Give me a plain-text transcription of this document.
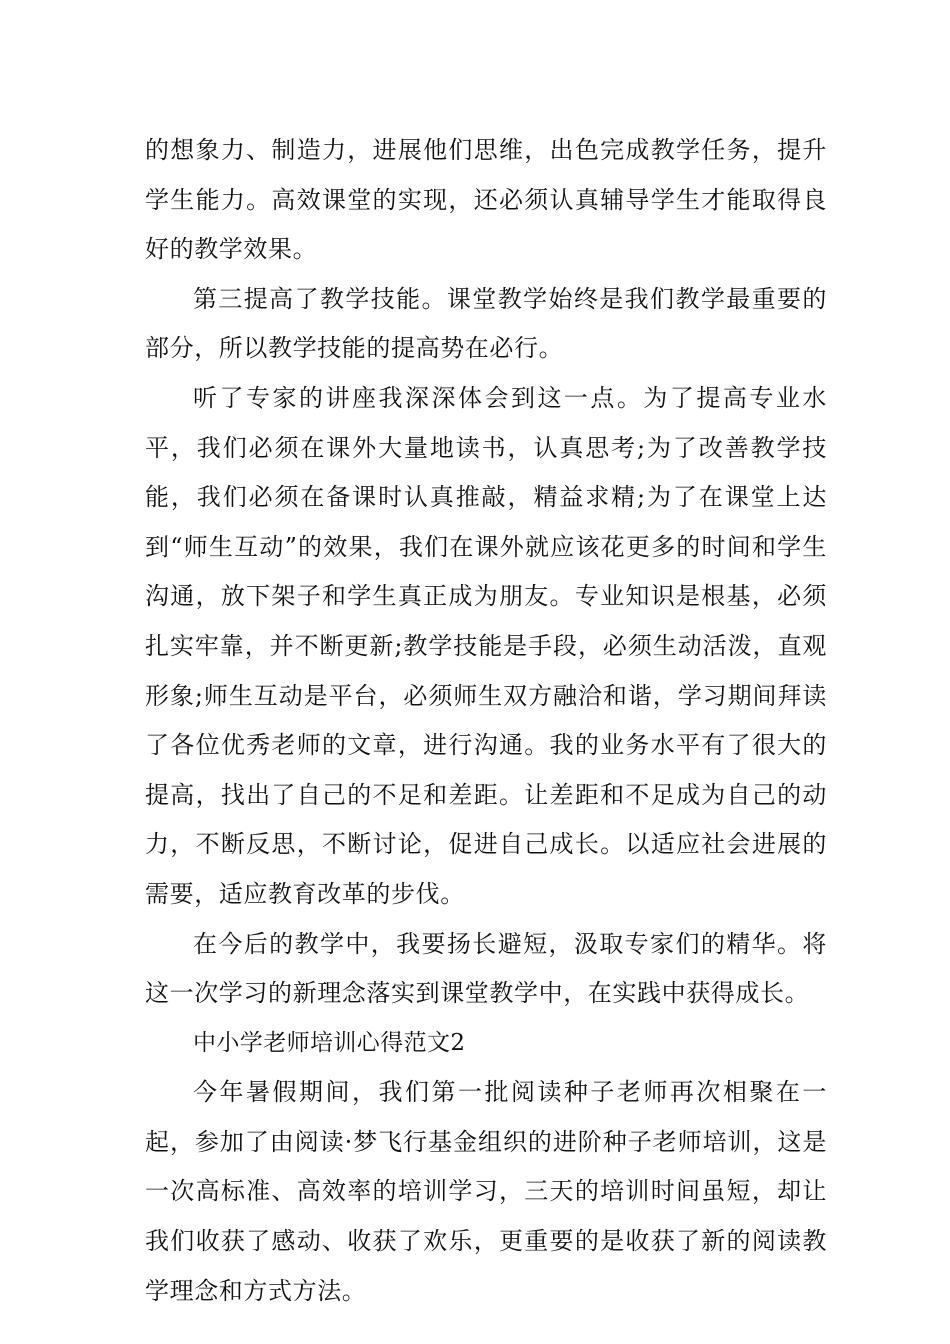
的想象力、制造力，进展他们思维，出色完成教学任务，提升学生能力。高效课堂的实现，还必须认真辅导学生才能取得良好的教学效果。

第三提高了教学技能。课堂教学始终是我们教学最重要的部分，所以教学技能的提高势在必行。

听了专家的讲座我深深体会到这一点。为了提高专业水平，我们必须在课外大量地读书，认真思考;为了改善教学技能，我们必须在备课时认真推敲，精益求精;为了在课堂上达到“师生互动”的效果，我们在课外就应该花更多的时间和学生沟通，放下架子和学生真正成为朋友。专业知识是根基，必须扎实牢靠，并不断更新;教学技能是手段，必须生动活泼，直观形象;师生互动是平台，必须师生双方融洽和谐，学习期间拜读了各位优秀老师的文章，进行沟通。我的业务水平有了很大的提高，找出了自己的不足和差距。让差距和不足成为自己的动力，不断反思，不断讨论，促进自己成长。以适应社会进展的需要，适应教育改革的步伐。

在今后的教学中，我要扬长避短，汲取专家们的精华。将这一次学习的新理念落实到课堂教学中，在实践中获得成长。

中小学老师培训心得范文2

今年暑假期间，我们第一批阅读种子老师再次相聚在一起，参加了由阅读·梦飞行基金组织的进阶种子老师培训，这是一次高标准、高效率的培训学习，三天的培训时间虽短，却让我们收获了感动、收获了欢乐，更重要的是收获了新的阅读教学理念和方式方法。
